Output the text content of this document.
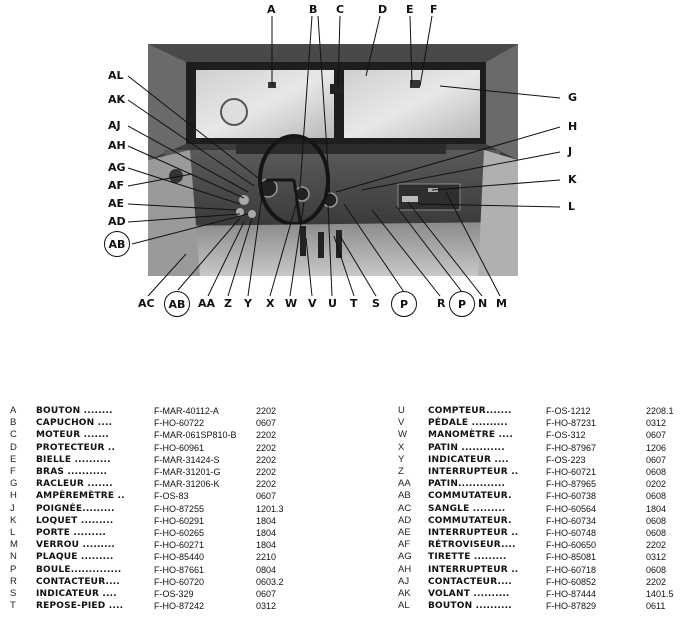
A	B C	D E F
G
H
J
K
L
AL
AK
AJ
AH
AG
AF
AE
AD
AB
AC	AB	AA Z Y X W V U T S	P	R	P	N M
A	BOUTON ........	F-MAR-40112-A	2202
B	CAPUCHON ....	F-HO-60722	0607
C	MOTEUR .......	F-MAR-061SP810-B	2202
D	PROTECTEUR ..	F-HO-60961	2202
E	BIELLE ..........	F-MAR-31424-S	2202
F	BRAS ...........	F-MAR-31201-G	2202
G	RACLEUR .......	F-MAR-31206-K	2202
H	AMPÈREMÈTRE ..	F-OS-83	0607
J	POIGNÉE.........	F-HO-87255	1201.3
K	LOQUET .........	F-HO-60291	1804
L	PORTE .........	F-HO-60265	1804
M	VERROU .........	F-HO-60271	1804
N	PLAQUE .........	F-HO-85440	2210
P	BOULE..............	F-HO-87661	0804
R	CONTACTEUR....	F-HO-60720	0603.2
S	INDICATEUR ....	F-OS-329	0607
T	REPOSE-PIED ....	F-HO-87242	0312
U	COMPTEUR.......	F-OS-1212	2208.1
V	PÉDALE ..........	F-HO-87231	0312
W	MANOMÈTRE ....	F-OS-312	0607
X	PATIN ............	F-HO-87967	1206
Y	INDICATEUR ....	F-OS-223	0607
Z	INTERRUPTEUR ..	F-HO-60721	0608
AA	PATIN.............	F-HO-87965	0202
AB	COMMUTATEUR.	F-HO-60738	0608
AC	SANGLE .........	F-HO-60564	1804
AD	COMMUTATEUR.	F-HO-60734	0608
AE	INTERRUPTEUR ..	F-HO-60748	0608
AF	RÉTROVISEUR....	F-HO-60650	2202
AG	TIRETTE .........	F-HO-85081	0312
AH	INTERRUPTEUR ..	F-HO-60718	0608
AJ	CONTACTEUR....	F-HO-60852	2202
AK	VOLANT ..........	F-HO-87444	1401.5
AL	BOUTON ..........	F-HO-87829	0611
